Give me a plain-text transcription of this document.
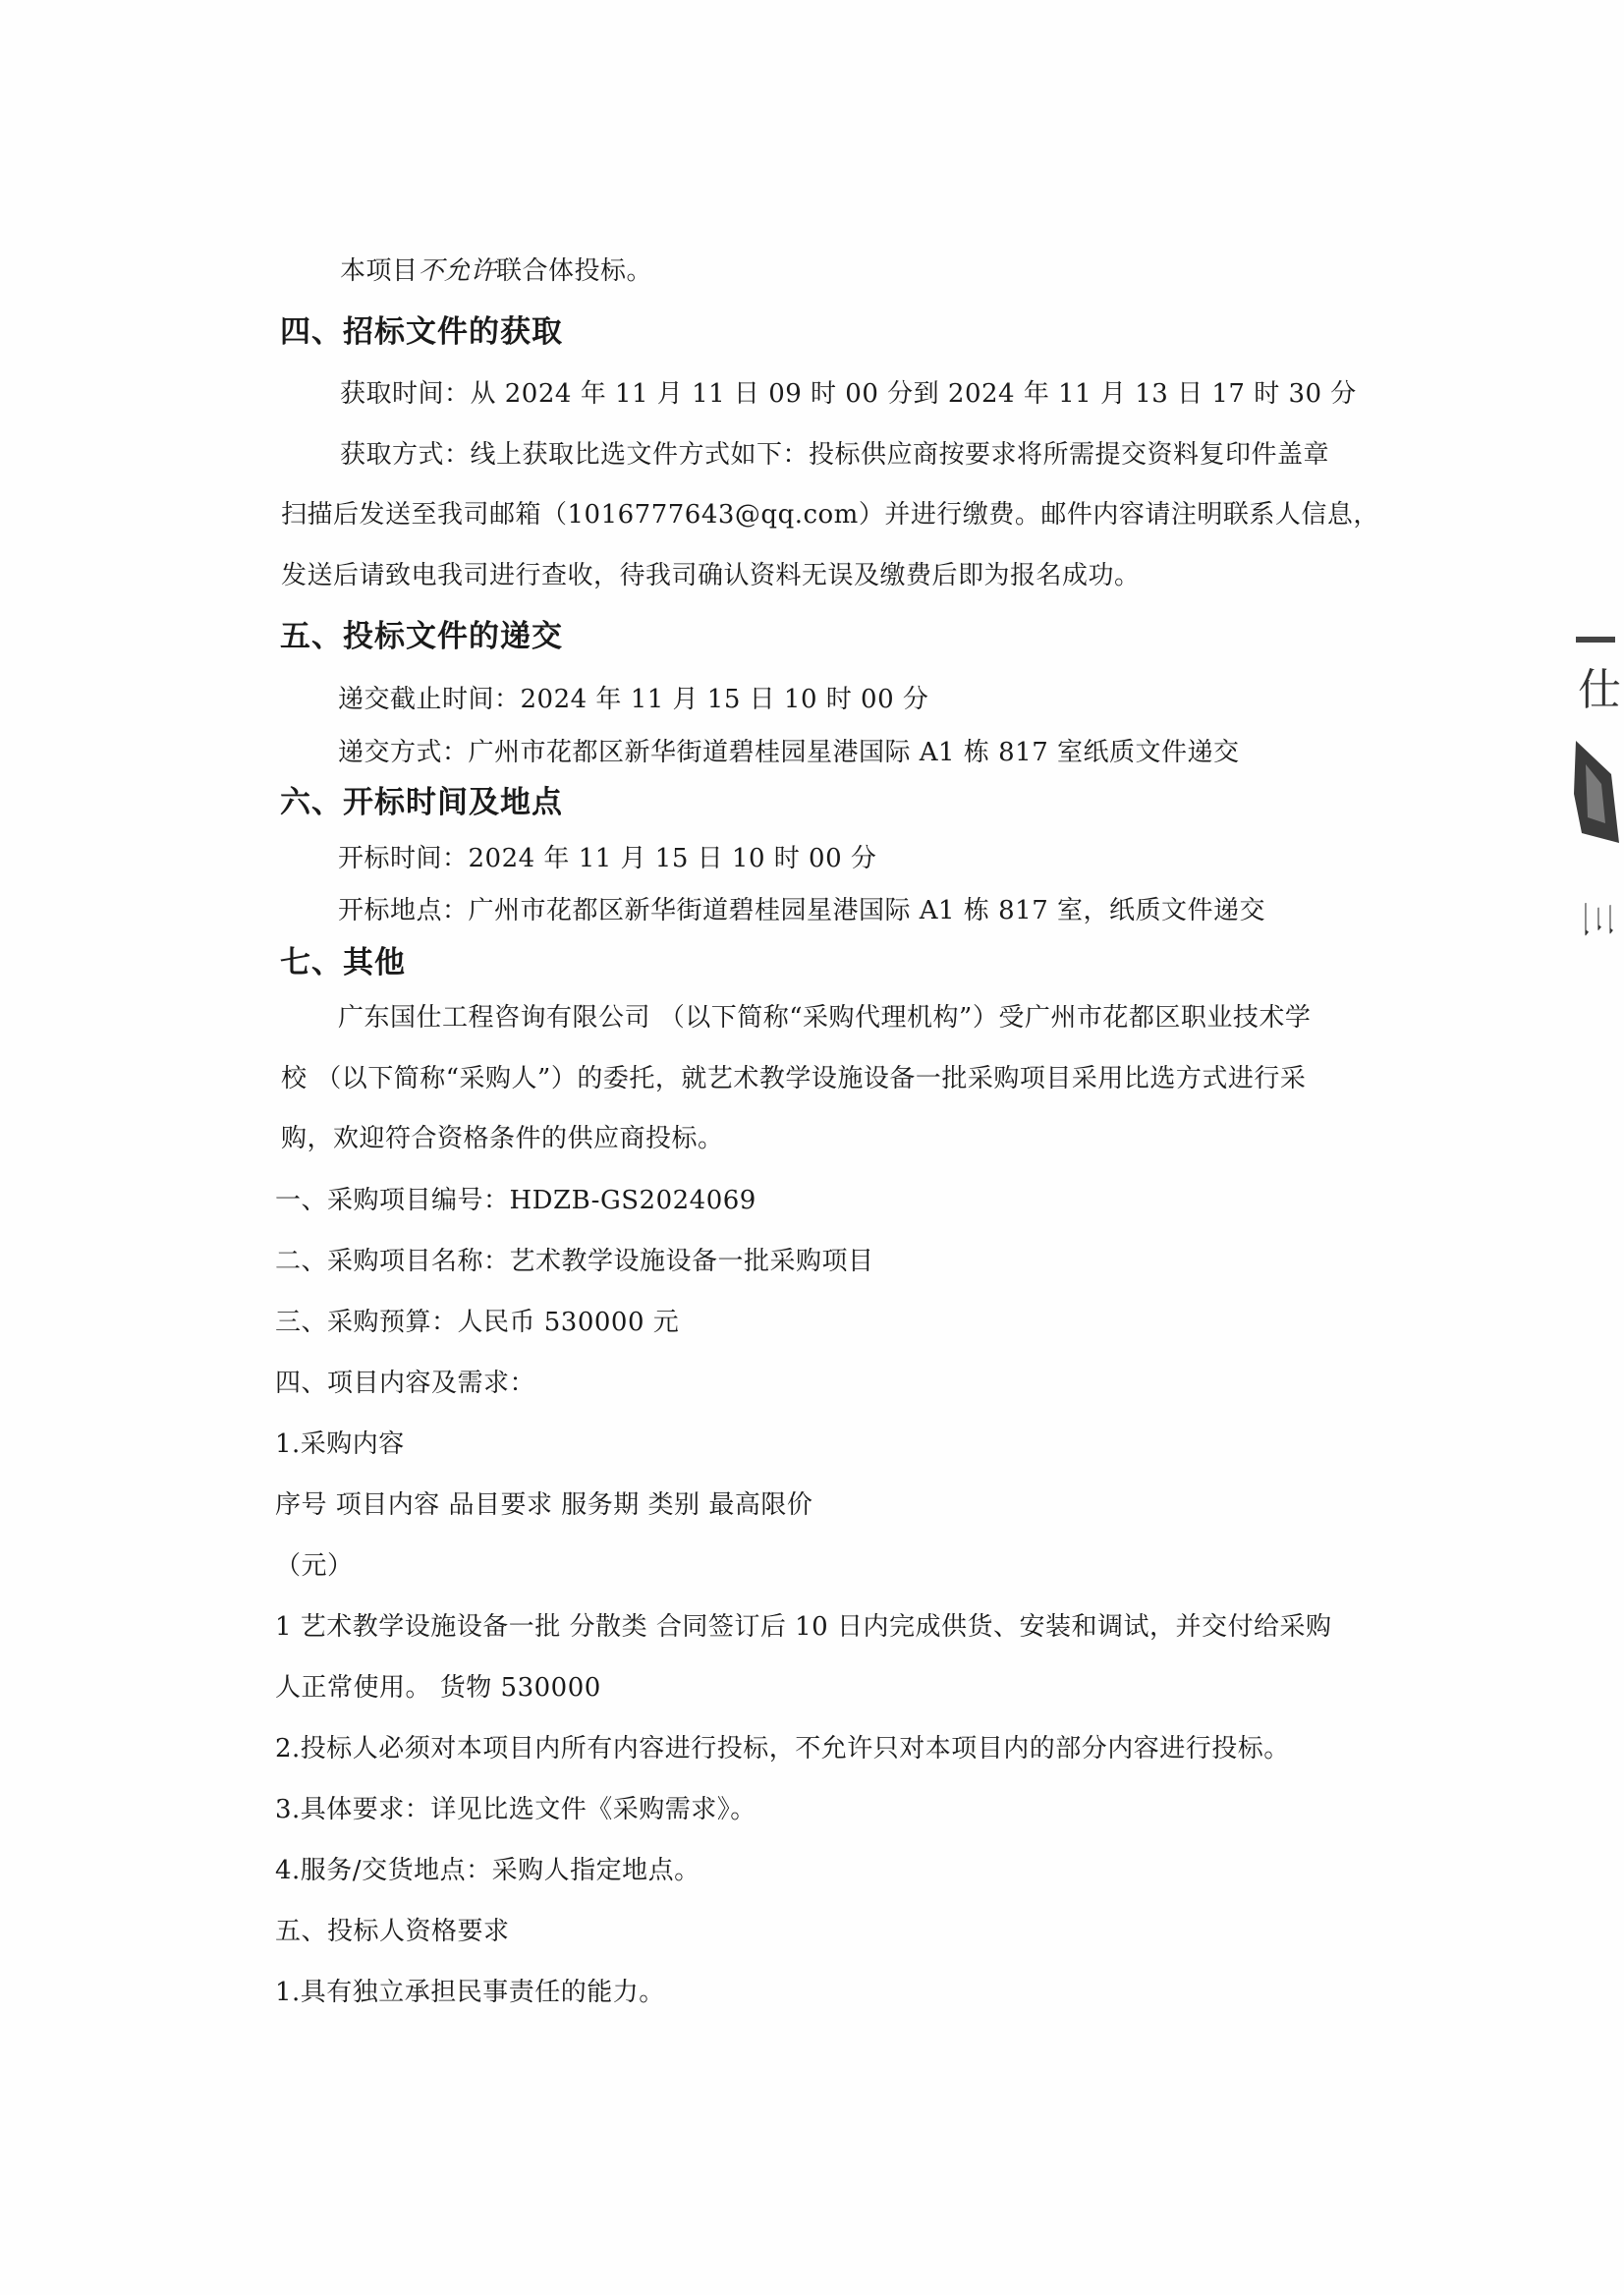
本项目不允许联合体投标。
四、招标文件的获取
获取时间：从 2024 年 11 月 11 日 09 时 00 分到 2024 年 11 月 13 日 17 时 30 分
获取方式：线上获取比选文件方式如下：投标供应商按要求将所需提交资料复印件盖章
扫描后发送至我司邮箱（1016777643@qq.com）并进行缴费。邮件内容请注明联系人信息，
发送后请致电我司进行查收，待我司确认资料无误及缴费后即为报名成功。
五、投标文件的递交
递交截止时间：2024 年 11 月 15 日 10 时 00 分
递交方式：广州市花都区新华街道碧桂园星港国际 A1 栋 817 室纸质文件递交
六、开标时间及地点
开标时间：2024 年 11 月 15 日 10 时 00 分
开标地点：广州市花都区新华街道碧桂园星港国际 A1 栋 817 室，纸质文件递交
七、其他
广东国仕工程咨询有限公司 （以下简称“采购代理机构”）受广州市花都区职业技术学
校 （以下简称“采购人”）的委托，就艺术教学设施设备一批采购项目采用比选方式进行采
购，欢迎符合资格条件的供应商投标。
一、采购项目编号：HDZB-GS2024069
二、采购项目名称：艺术教学设施设备一批采购项目
三、采购预算：人民币 530000 元
四、项目内容及需求：
1.采购内容
序号 项目内容 品目要求 服务期 类别 最高限价
（元）
1 艺术教学设施设备一批 分散类 合同签订后 10 日内完成供货、安装和调试，并交付给采购
人正常使用。 货物 530000
2.投标人必须对本项目内所有内容进行投标，不允许只对本项目内的部分内容进行投标。
3.具体要求：详见比选文件《采购需求》。
4.服务/交货地点：采购人指定地点。
五、投标人资格要求
1.具有独立承担民事责任的能力。
仕
三
